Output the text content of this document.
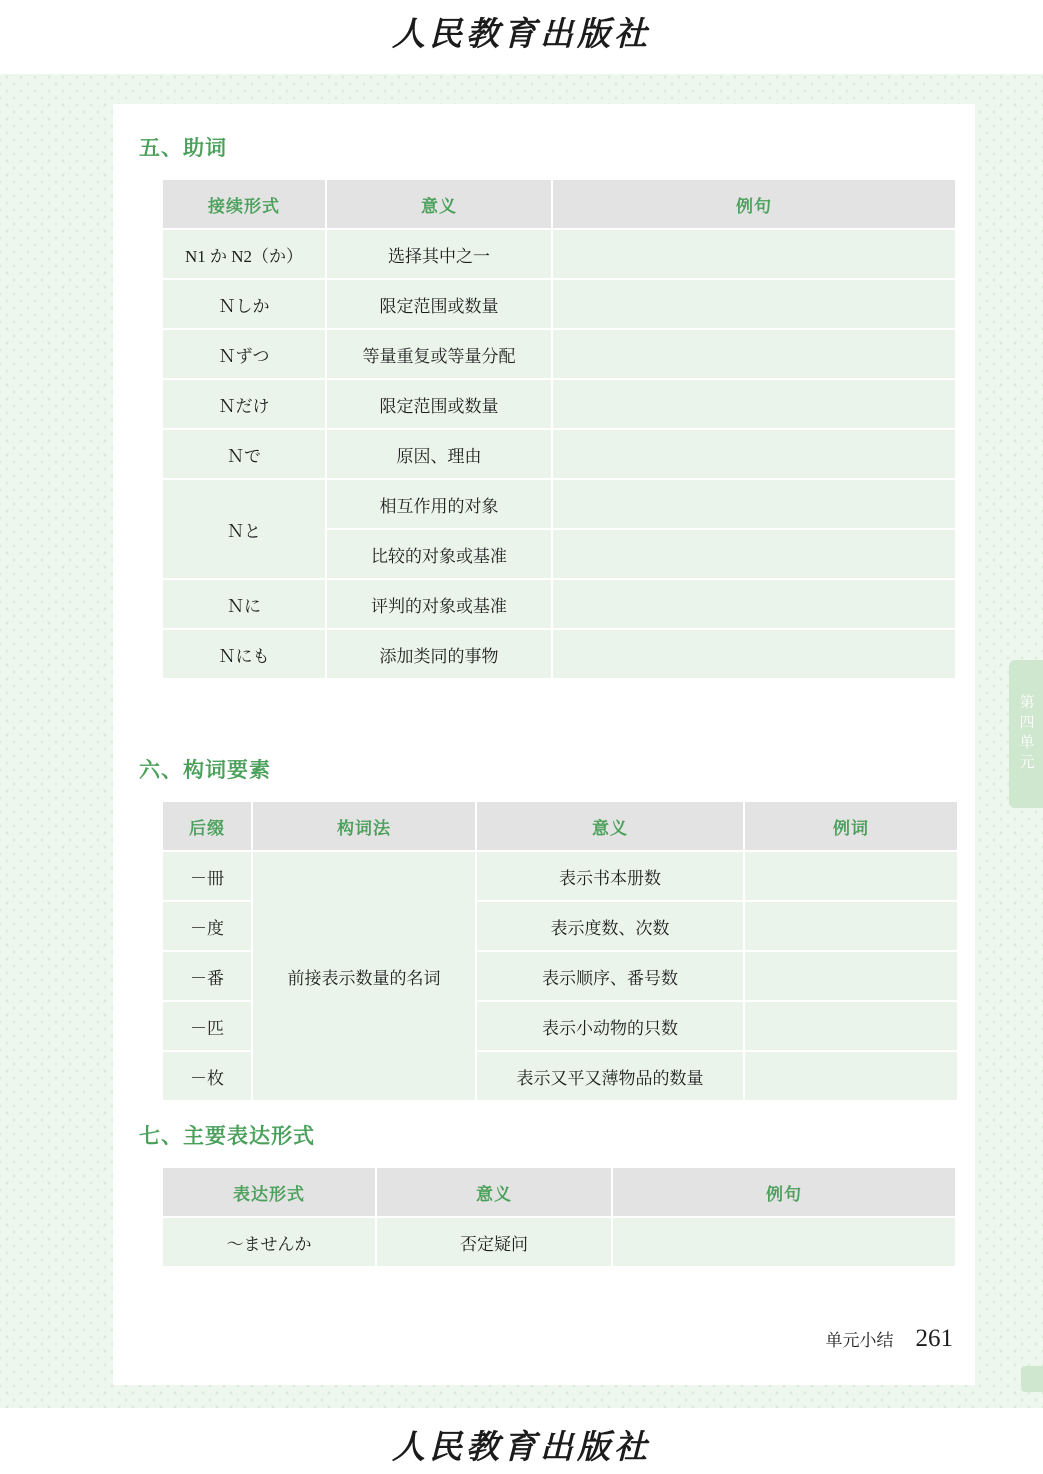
人民教育出版社
人民教育出版社
第四单元
五、助词
接续形式	意义	例句
N1 か N2（か）	选择其中之一	
Ｎしか	限定范围或数量	
Ｎずつ	等量重复或等量分配	
Ｎだけ	限定范围或数量	
Ｎで	原因、理由	
Ｎと	相互作用的对象	
	比较的对象或基准	
Ｎに	评判的对象或基准	
Ｎにも	添加类同的事物	
六、构词要素
后缀	构词法	意义	例词
－冊	前接表示数量的名词	表示书本册数	
－度		表示度数、次数	
－番		表示顺序、番号数	
－匹		表示小动物的只数	
－枚		表示又平又薄物品的数量	
七、主要表达形式
表达形式	意义	例句
～ませんか	否定疑问	
单元小结 261
